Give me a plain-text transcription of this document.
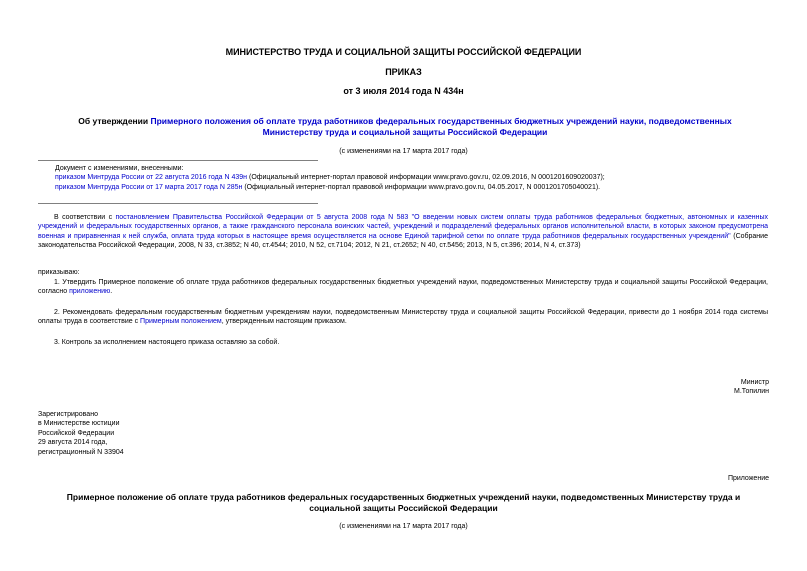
МИНИСТЕРСТВО ТРУДА И СОЦИАЛЬНОЙ ЗАЩИТЫ РОССИЙСКОЙ ФЕДЕРАЦИИ
ПРИКАЗ
от 3 июля 2014 года N 434н
Об утверждении Примерного положения об оплате труда работников федеральных государственных бюджетных учреждений науки, подведомственных Министерству труда и социальной защиты Российской Федерации
(с изменениями на 17 марта 2017 года)
Документ с изменениями, внесенными:
приказом Минтруда России от 22 августа 2016 года N 439н (Официальный интернет-портал правовой информации www.pravo.gov.ru, 02.09.2016, N 0001201609020037);
приказом Минтруда России от 17 марта 2017 года N 285н (Официальный интернет-портал правовой информации www.pravo.gov.ru, 04.05.2017, N 0001201705040021).
В соответствии с постановлением Правительства Российской Федерации от 5 августа 2008 года N 583 "О введении новых систем оплаты труда работников федеральных бюджетных, автономных и казенных учреждений и федеральных государственных органов, а также гражданского персонала воинских частей, учреждений и подразделений федеральных органов исполнительной власти, в которых законом предусмотрена военная и приравненная к ней служба, оплата труда которых в настоящее время осуществляется на основе Единой тарифной сетки по оплате труда работников федеральных государственных учреждений" (Собрание законодательства Российской Федерации, 2008, N 33, ст.3852; N 40, ст.4544; 2010, N 52, ст.7104; 2012, N 21, ст.2652; N 40, ст.5456; 2013, N 5, ст.396; 2014, N 4, ст.373)
приказываю:
1. Утвердить Примерное положение об оплате труда работников федеральных государственных бюджетных учреждений науки, подведомственных Министерству труда и социальной защиты Российской Федерации, согласно приложению.
2. Рекомендовать федеральным государственным бюджетным учреждениям науки, подведомственным Министерству труда и социальной защиты Российской Федерации, привести до 1 ноября 2014 года системы оплаты труда в соответствие с Примерным положением, утвержденным настоящим приказом.
3. Контроль за исполнением настоящего приказа оставляю за собой.
Министр
М.Топилин
Зарегистрировано
в Министерстве юстиции
Российской Федерации
29 августа 2014 года,
регистрационный N 33904
Приложение
Примерное положение об оплате труда работников федеральных государственных бюджетных учреждений науки, подведомственных Министерству труда и социальной защиты Российской Федерации
(с изменениями на 17 марта 2017 года)
